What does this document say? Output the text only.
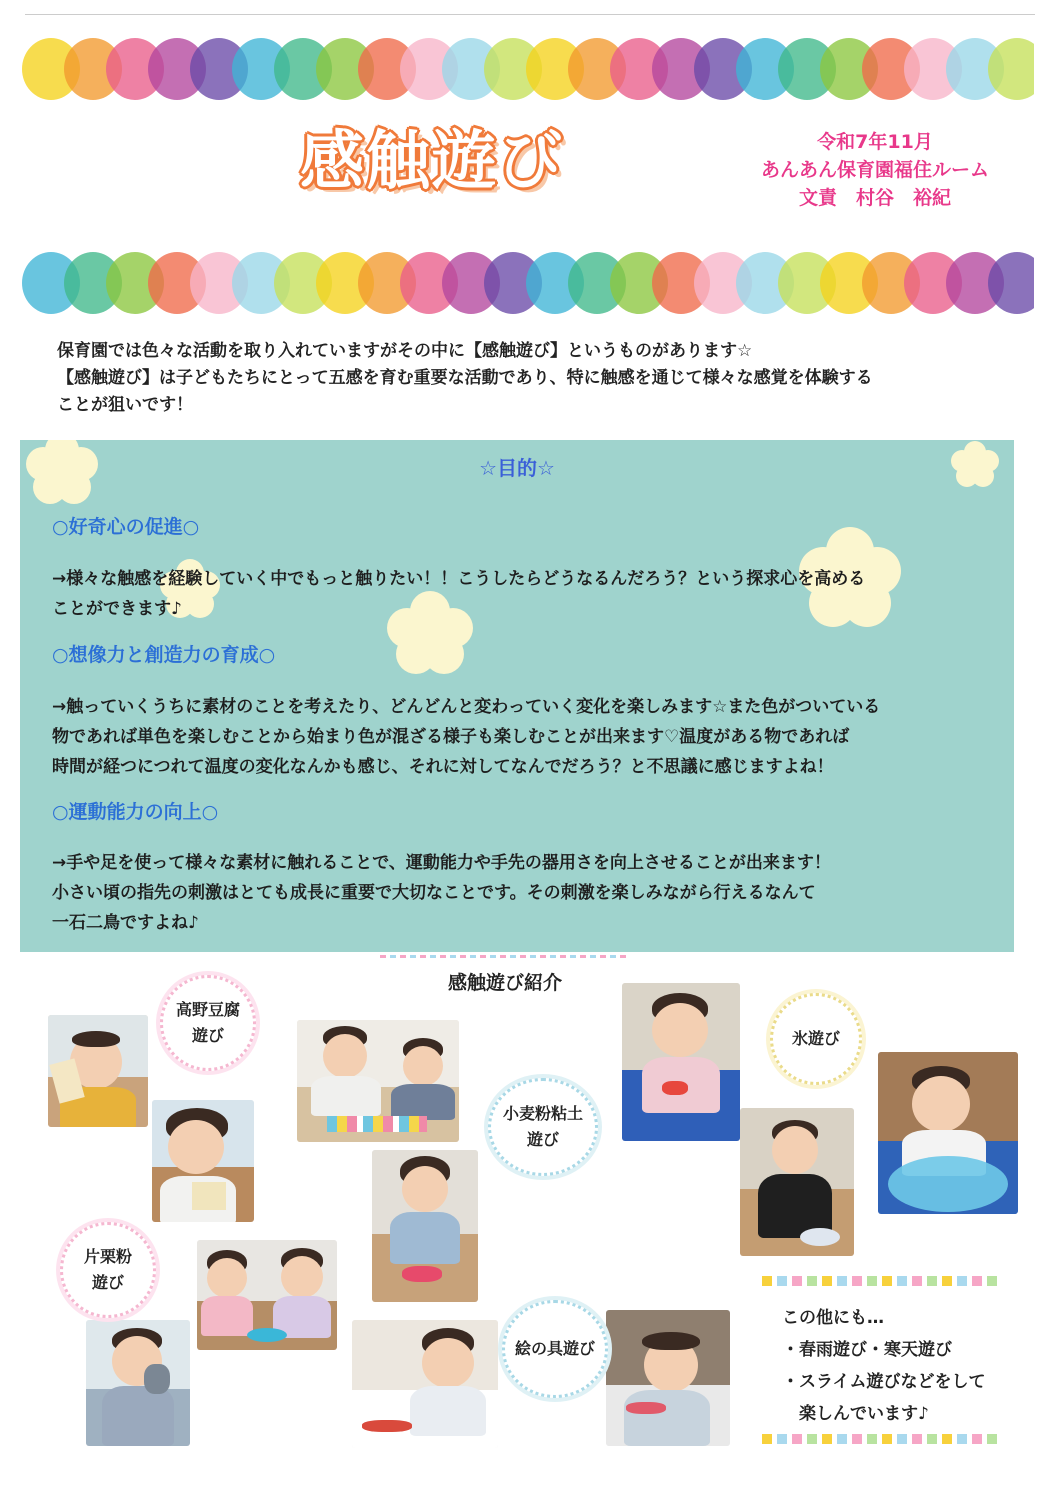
感触遊び	令和7年11月
あんあん保育園福住ルーム
文責　村谷　裕紀
保育園では色々な活動を取り入れていますがその中に【感触遊び】というものがあります☆
【感触遊び】は子どもたちにとって五感を育む重要な活動であり、特に触感を通じて様々な感覚を体験する
ことが狙いです！
☆目的☆
○好奇心の促進○
→様々な触感を経験していく中でもっと触りたい！！こうしたらどうなるんだろう？という探求心を高める
ことができます♪
○想像力と創造力の育成○
→触っていくうちに素材のことを考えたり、どんどんと変わっていく変化を楽しみます☆また色がついている
物であれば単色を楽しむことから始まり色が混ざる様子も楽しむことが出来ます♡温度がある物であれば
時間が経つにつれて温度の変化なんかも感じ、それに対してなんでだろう？と不思議に感じますよね！
○運動能力の向上○
→手や足を使って様々な素材に触れることで、運動能力や手先の器用さを向上させることが出来ます！
小さい頃の指先の刺激はとても成長に重要で大切なことです。その刺激を楽しみながら行えるなんて
一石二鳥ですよね♪
感触遊び紹介
高野豆腐
遊び
小麦粉粘土
遊び
片栗粉
遊び
氷遊び
絵の具遊び
この他にも…
・春雨遊び・寒天遊び
・スライム遊びなどをして
　楽しんでいます♪
